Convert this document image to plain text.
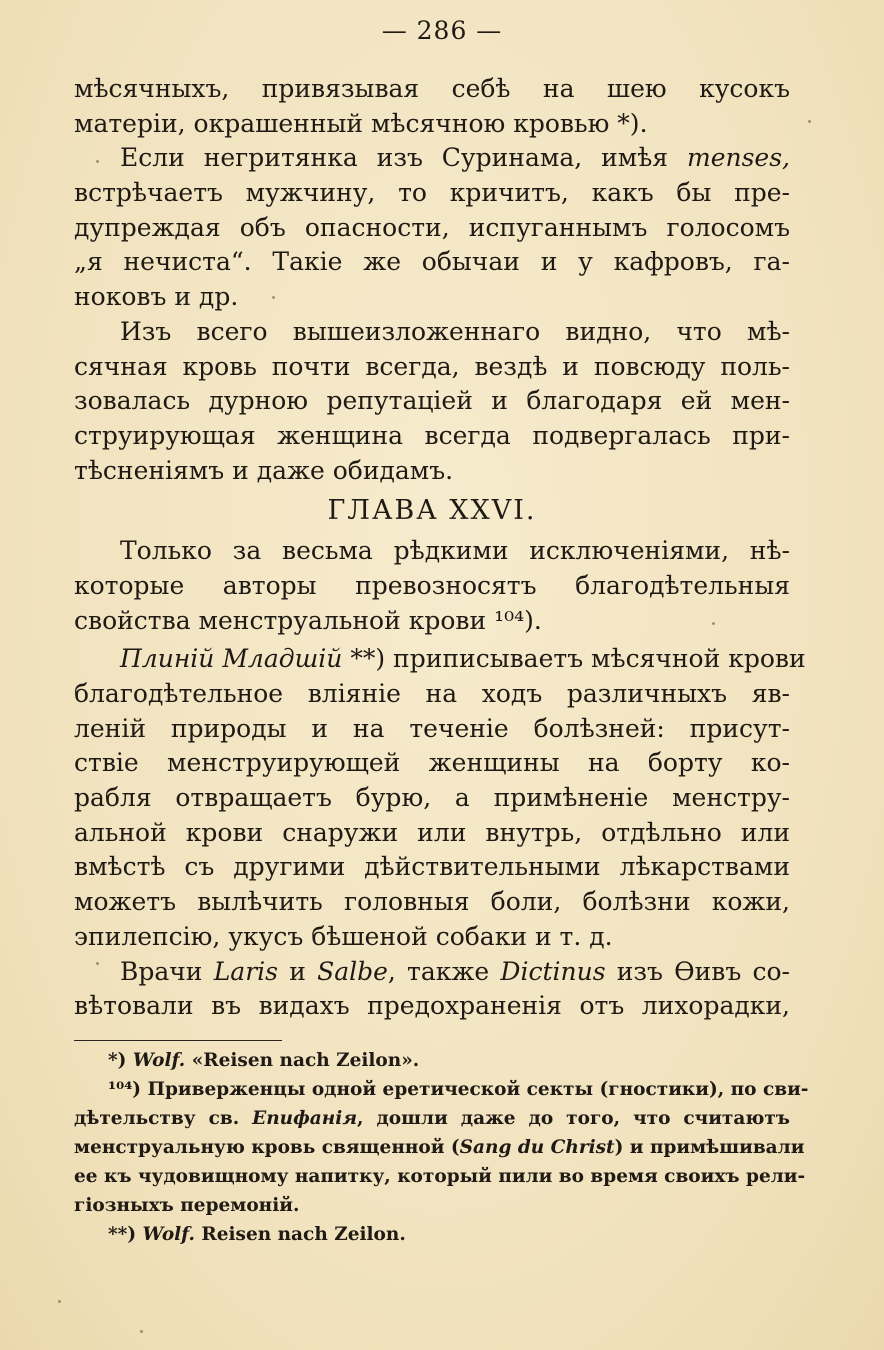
— 286 —

мѣсячныхъ, привязывая себѣ на шею кусокъ
матеріи, окрашенный мѣсячною кровью *).

Если негритянка изъ Суринама, имѣя menses,
встрѣчаетъ мужчину, то кричитъ, какъ бы пре-
дупреждая объ опасности, испуганнымъ голосомъ
„я нечиста“. Такіе же обычаи и у кафровъ, га-
ноковъ и др.

Изъ всего вышеизложеннаго видно, что мѣ-
сячная кровь почти всегда, вездѣ и повсюду поль-
зовалась дурною репутаціей и благодаря ей мен-
струирующая женщина всегда подвергалась при-
тѣсненіямъ и даже обидамъ.

ГЛАВА XXVI.

Только за весьма рѣдкими исключеніями, нѣ-
которые авторы превозносятъ благодѣтельныя
свойства менструальной крови ¹⁰⁴).

Плиній Младшій **) приписываетъ мѣсячной крови
благодѣтельное вліяніе на ходъ различныхъ яв-
леній природы и на теченіе болѣзней: присут-
ствіе менструирующей женщины на борту ко-
рабля отвращаетъ бурю, а примѣненіе менстру-
альной крови снаружи или внутрь, отдѣльно или
вмѣстѣ съ другими дѣйствительными лѣкарствами
можетъ вылѣчить головныя боли, болѣзни кожи,
эпилепсію, укусъ бѣшеной собаки и т. д.

Врачи Laris и Salbe, также Dictinus изъ Ѳивъ со-
вѣтовали въ видахъ предохраненія отъ лихорадки,

*) Wolf. «Reisen nach Zeilon».
¹⁰⁴) Приверженцы одной еретической секты (гностики), по сви-
дѣтельству св. Епифанія, дошли даже до того, что считаютъ
менструальную кровь священной (Sang du Christ) и примѣшивали
ее къ чудовищному напитку, который пили во время своихъ рели-
гіозныхъ перемоній.
**) Wolf. Reisen nach Zeilon.
